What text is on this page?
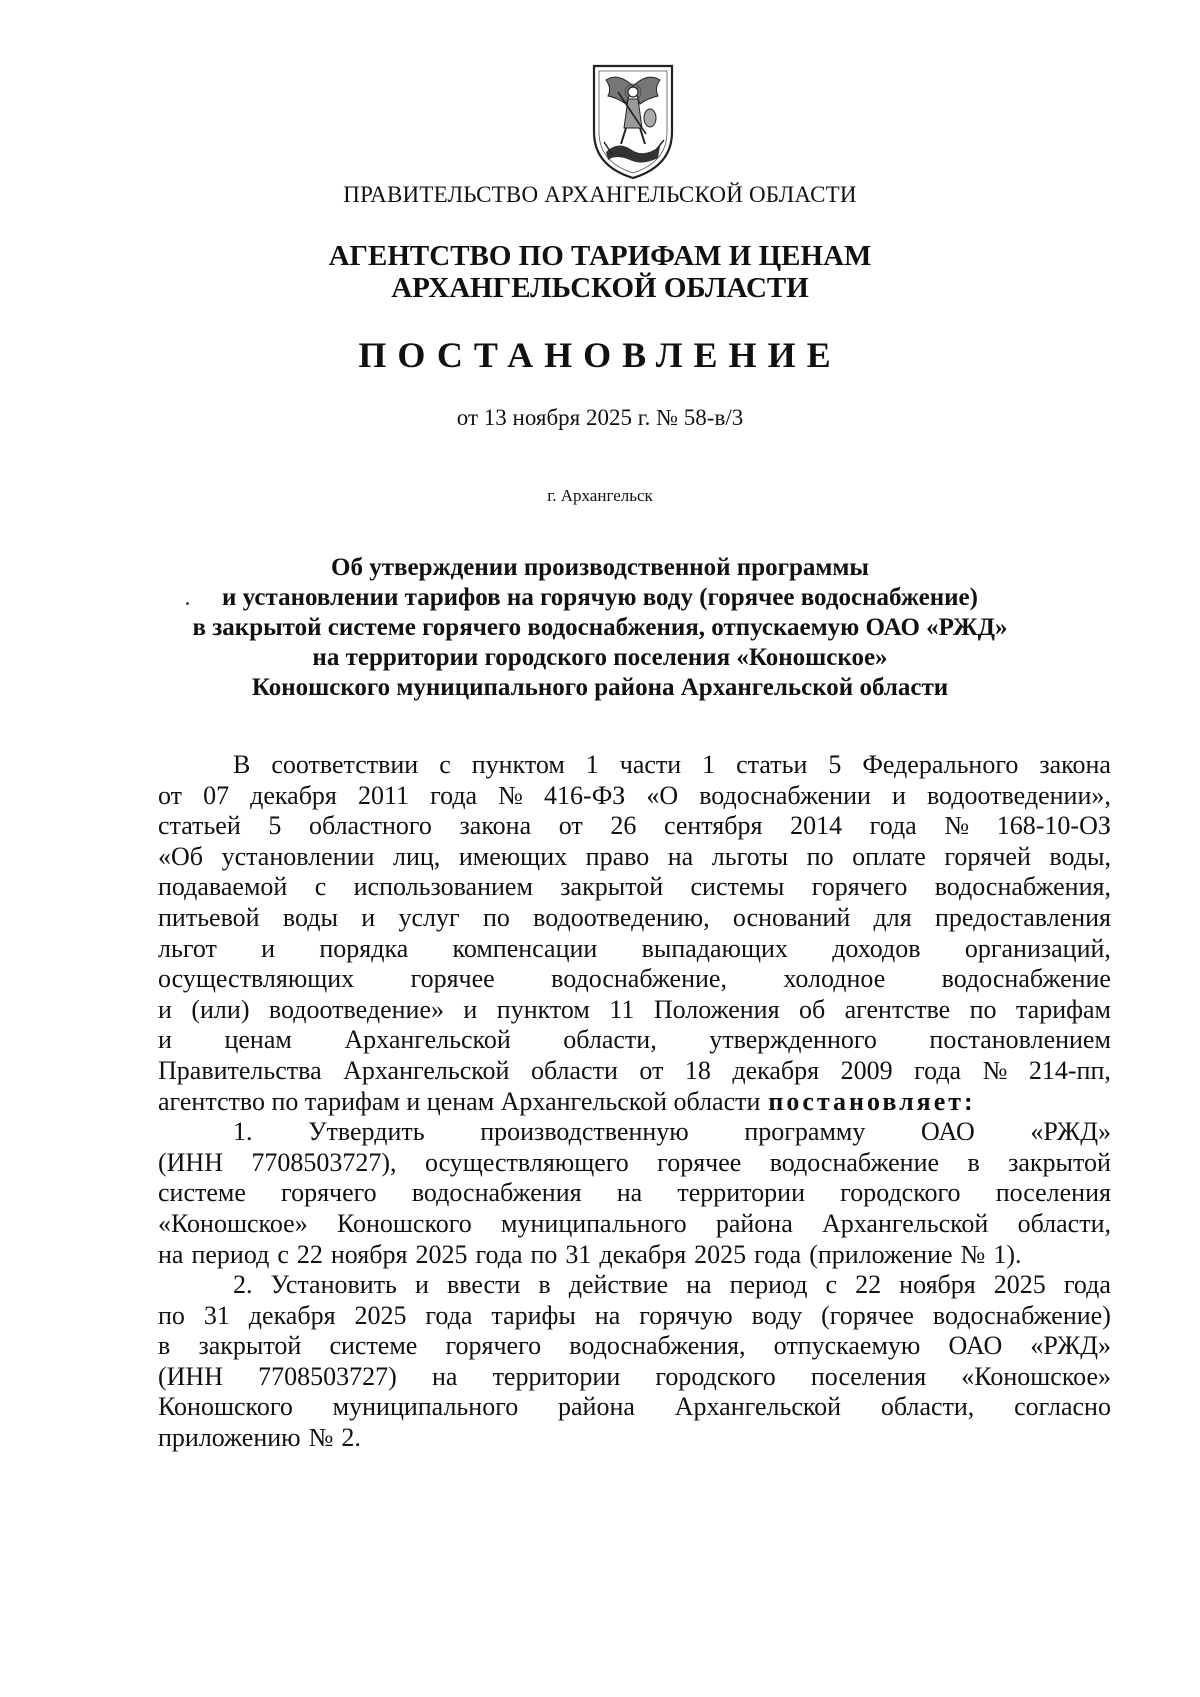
ПРАВИТЕЛЬСТВО АРХАНГЕЛЬСКОЙ ОБЛАСТИ
АГЕНТСТВО ПО ТАРИФАМ И ЦЕНАМ
АРХАНГЕЛЬСКОЙ ОБЛАСТИ
ПОСТАНОВЛЕНИЕ
от 13 ноября 2025 г. № 58-в/3
г. Архангельск
Об утверждении производственной программы
и установлении тарифов на горячую воду (горячее водоснабжение)
в закрытой системе горячего водоснабжения, отпускаемую ОАО «РЖД»
на территории городского поселения «Коношское»
Коношского муниципального района Архангельской области
В соответствии с пунктом 1 части 1 статьи 5 Федерального закона
от 07 декабря 2011 года № 416-ФЗ «О водоснабжении и водоотведении»,
статьей 5 областного закона от 26 сентября 2014 года № 168-10-ОЗ
«Об установлении лиц, имеющих право на льготы по оплате горячей воды,
подаваемой с использованием закрытой системы горячего водоснабжения,
питьевой воды и услуг по водоотведению, оснований для предоставления
льгот и порядка компенсации выпадающих доходов организаций,
осуществляющих горячее водоснабжение, холодное водоснабжение
и (или) водоотведение» и пунктом 11 Положения об агентстве по тарифам
и ценам Архангельской области, утвержденного постановлением
Правительства Архангельской области от 18 декабря 2009 года № 214-пп,
агентство по тарифам и ценам Архангельской области постановляет:
1. Утвердить производственную программу ОАО «РЖД»
(ИНН 7708503727), осуществляющего горячее водоснабжение в закрытой
системе горячего водоснабжения на территории городского поселения
«Коношское» Коношского муниципального района Архангельской области,
на период с 22 ноября 2025 года по 31 декабря 2025 года (приложение № 1).
2. Установить и ввести в действие на период с 22 ноября 2025 года
по 31 декабря 2025 года тарифы на горячую воду (горячее водоснабжение)
в закрытой системе горячего водоснабжения, отпускаемую ОАО «РЖД»
(ИНН 7708503727) на территории городского поселения «Коношское»
Коношского муниципального района Архангельской области, согласно
приложению № 2.
